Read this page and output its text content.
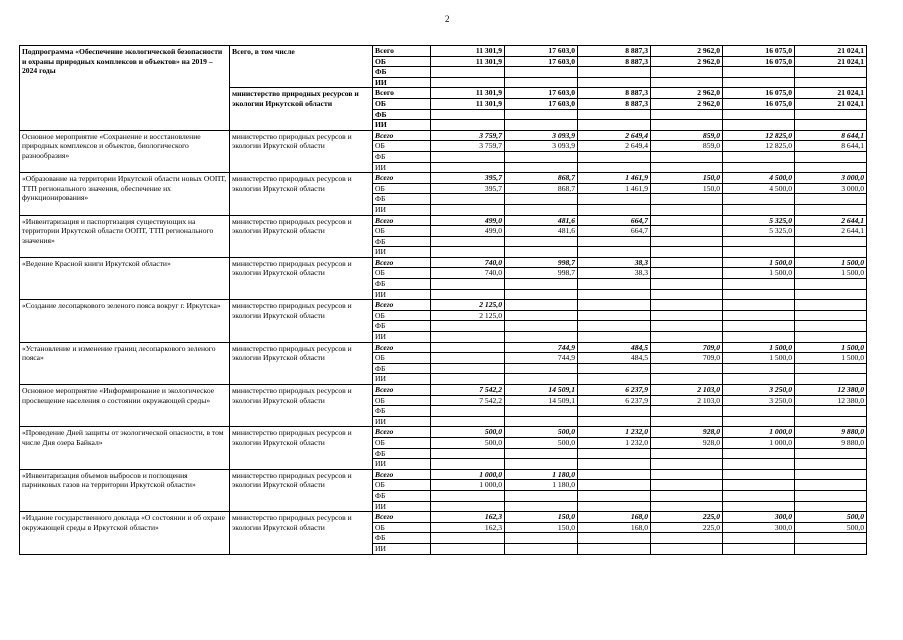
2
Подпрограмма «Обеспечение экологической безопасности и охраны природных комплексов и объектов» на 2019 – 2024 годы	Всего, в том числе	Всего	11 301,9	17 603,0	8 887,3	2 962,0	16 075,0	21 024,1
		ОБ	11 301,9	17 603,0	8 887,3	2 962,0	16 075,0	21 024,1
		ФБ						
		ИИ						
	министерство природных ресурсов и экологии Иркутской области	Всего	11 301,9	17 603,0	8 887,3	2 962,0	16 075,0	21 024,1
		ОБ	11 301,9	17 603,0	8 887,3	2 962,0	16 075,0	21 024,1
		ФБ						
		ИИ						
Основное мероприятие «Сохранение и восстановление природных комплексов и объектов, биологического разнообразия»	министерство природных ресурсов и экологии Иркутской области	Всего	3 759,7	3 093,9	2 649,4	859,0	12 825,0	8 644,1
		ОБ	3 759,7	3 093,9	2 649,4	859,0	12 825,0	8 644,1
		ФБ						
		ИИ						
«Образование на территории Иркутской области новых ООПТ, ТТП регионального значения, обеспечение их функционирования»	министерство природных ресурсов и экологии Иркутской области	Всего	395,7	868,7	1 461,9	150,0	4 500,0	3 000,0
		ОБ	395,7	868,7	1 461,9	150,0	4 500,0	3 000,0
		ФБ						
		ИИ						
«Инвентаризация и паспортизация существующих на территории Иркутской области ООПТ, ТТП регионального значения»	министерство природных ресурсов и экологии Иркутской области	Всего	499,0	481,6	664,7		5 325,0	2 644,1
		ОБ	499,0	481,6	664,7		5 325,0	2 644,1
		ФБ						
		ИИ						
«Ведение Красной книги Иркутской области»	министерство природных ресурсов и экологии Иркутской области	Всего	740,0	998,7	38,3		1 500,0	1 500,0
		ОБ	740,0	998,7	38,3		1 500,0	1 500,0
		ФБ						
		ИИ						
«Создание лесопаркового зеленого пояса вокруг г. Иркутска»	министерство природных ресурсов и экологии Иркутской области	Всего	2 125,0					
		ОБ	2 125,0					
		ФБ						
		ИИ						
«Установление и изменение границ лесопаркового зеленого пояса»	министерство природных ресурсов и экологии Иркутской области	Всего		744,9	484,5	709,0	1 500,0	1 500,0
		ОБ		744,9	484,5	709,0	1 500,0	1 500,0
		ФБ						
		ИИ						
Основное мероприятие «Информирование и экологическое просвещение населения о состоянии окружающей среды»	министерство природных ресурсов и экологии Иркутской области	Всего	7 542,2	14 509,1	6 237,9	2 103,0	3 250,0	12 380,0
		ОБ	7 542,2	14 509,1	6 237,9	2 103,0	3 250,0	12 380,0
		ФБ						
		ИИ						
«Проведение Дней защиты от экологической опасности, в том числе Дня озера Байкал»	министерство природных ресурсов и экологии Иркутской области	Всего	500,0	500,0	1 232,0	928,0	1 000,0	9 880,0
		ОБ	500,0	500,0	1 232,0	928,0	1 000,0	9 880,0
		ФБ						
		ИИ						
«Инвентаризация объемов выбросов и поглощения парниковых газов на территории Иркутской области»	министерство природных ресурсов и экологии Иркутской области	Всего	1 000,0	1 180,0				
		ОБ	1 000,0	1 180,0				
		ФБ						
		ИИ						
«Издание государственного доклада «О состоянии и об охране окружающей среды в Иркутской области»	министерство природных ресурсов и экологии Иркутской области	Всего	162,3	150,0	168,0	225,0	300,0	500,0
		ОБ	162,3	150,0	168,0	225,0	300,0	500,0
		ФБ						
		ИИ						
